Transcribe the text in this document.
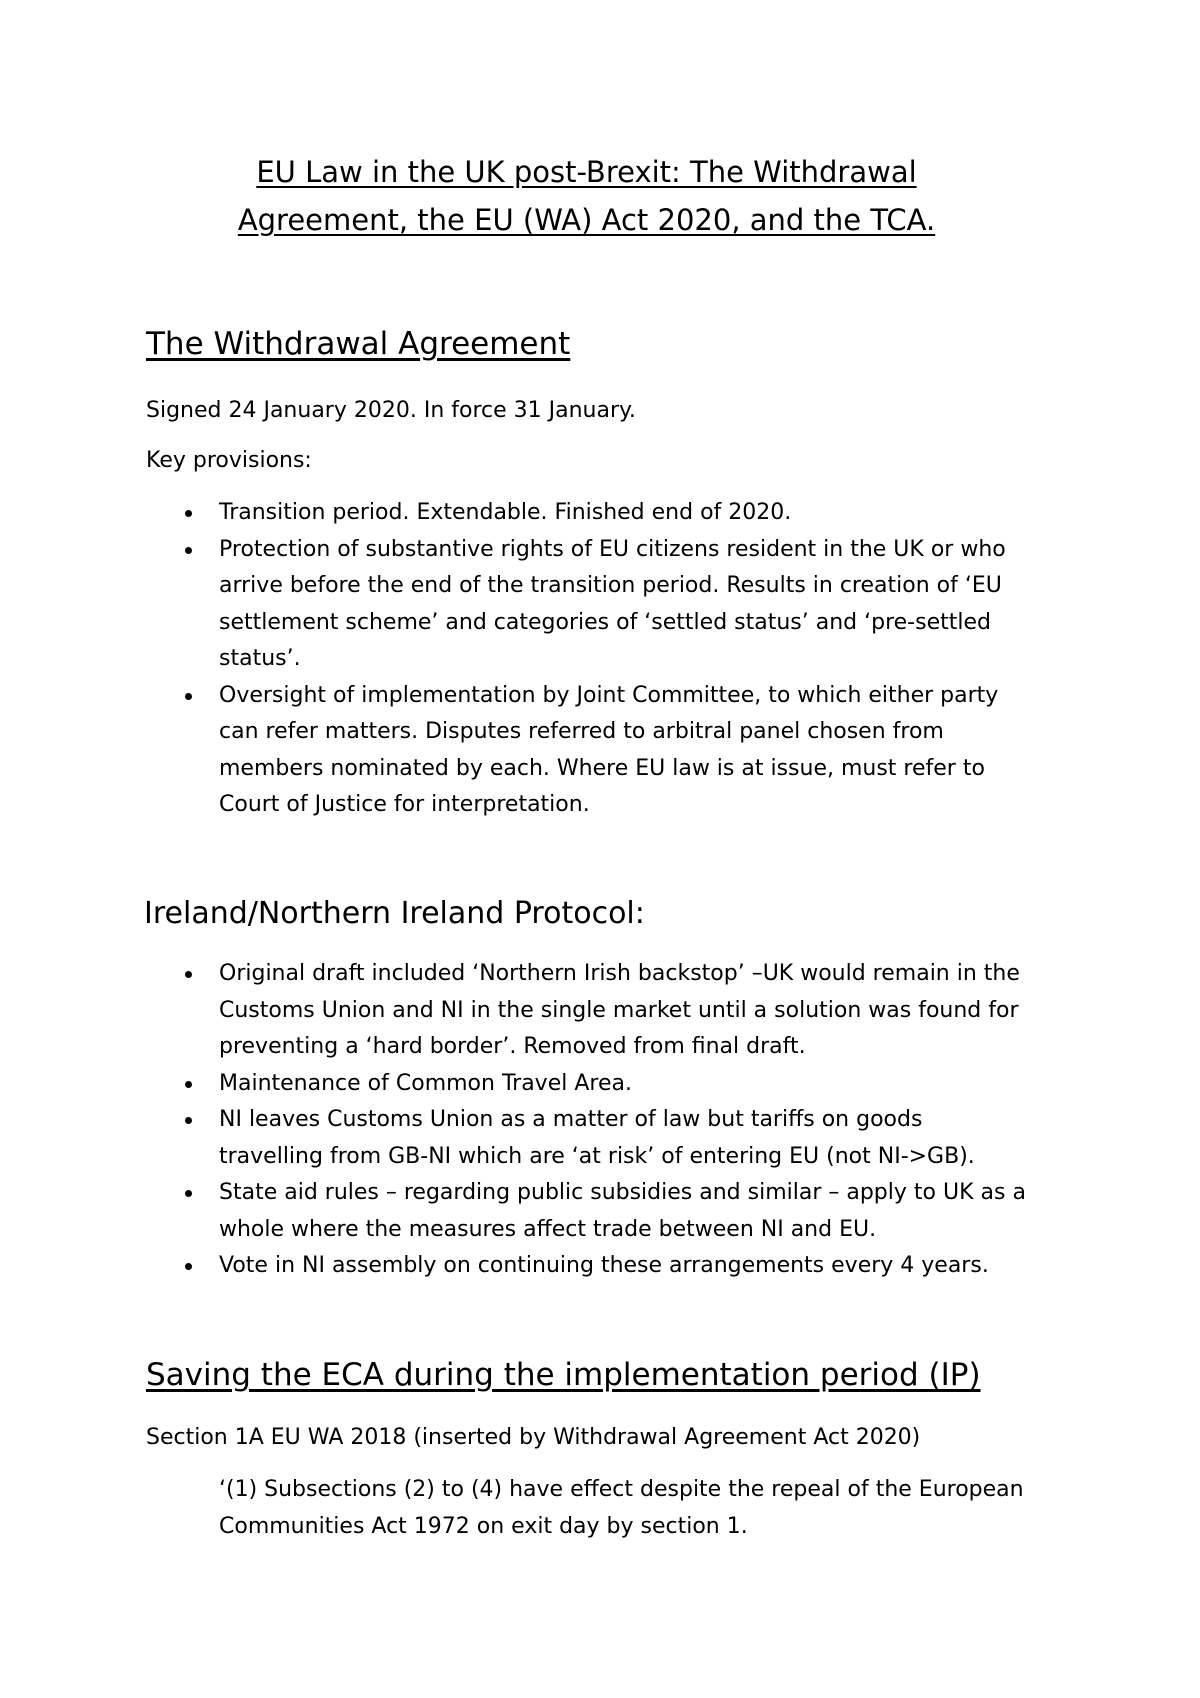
EU Law in the UK post-Brexit: The Withdrawal
Agreement, the EU (WA) Act 2020, and the TCA.
The Withdrawal Agreement

Signed 24 January 2020. In force 31 January.

Key provisions:

Transition period. Extendable. Finished end of 2020.
Protection of substantive rights of EU citizens resident in the UK or who
arrive before the end of the transition period. Results in creation of ‘EU
settlement scheme’ and categories of ‘settled status’ and ‘pre-settled
status’.
Oversight of implementation by Joint Committee, to which either party
can refer matters. Disputes referred to arbitral panel chosen from
members nominated by each. Where EU law is at issue, must refer to
Court of Justice for interpretation.
Ireland/Northern Ireland Protocol:
Original draft included ‘Northern Irish backstop’ –UK would remain in the
Customs Union and NI in the single market until a solution was found for
preventing a ‘hard border’. Removed from final draft.
Maintenance of Common Travel Area.
NI leaves Customs Union as a matter of law but tariffs on goods
travelling from GB-NI which are ‘at risk’ of entering EU (not NI->GB).
State aid rules – regarding public subsidies and similar – apply to UK as a
whole where the measures affect trade between NI and EU.
Vote in NI assembly on continuing these arrangements every 4 years.
Saving the ECA during the implementation period (IP)

Section 1A EU WA 2018 (inserted by Withdrawal Agreement Act 2020)

‘(1) Subsections (2) to (4) have effect despite the repeal of the European
Communities Act 1972 on exit day by section 1.
